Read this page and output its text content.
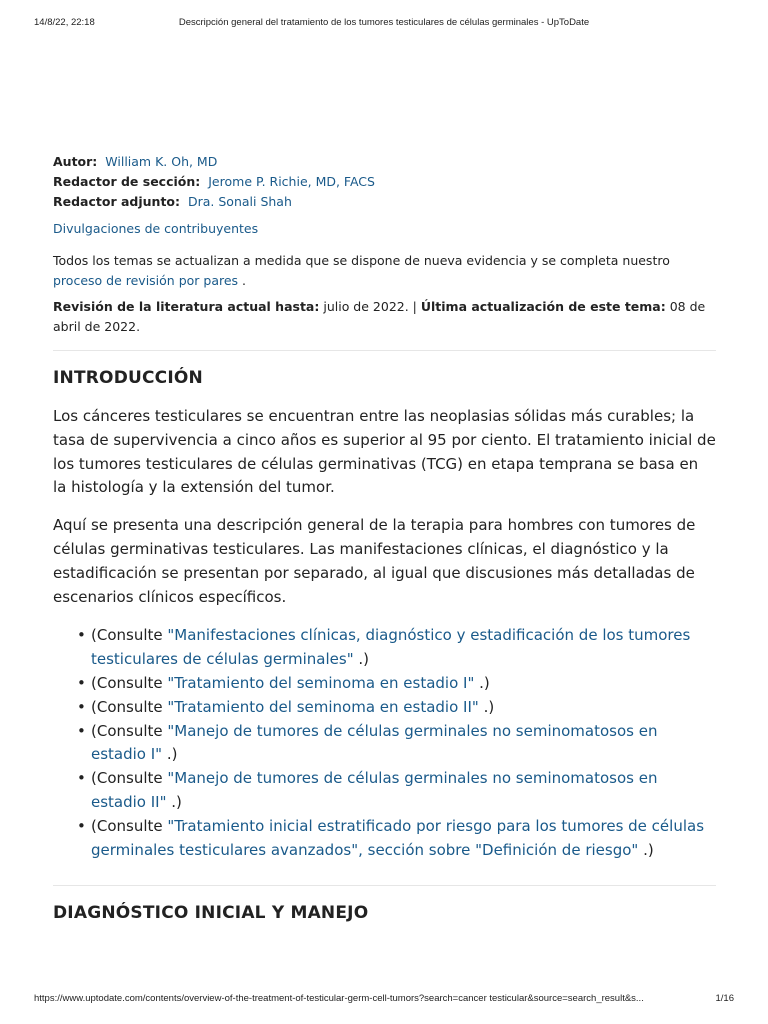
14/8/22, 22:18	Descripción general del tratamiento de los tumores testiculares de células germinales - UpToDate

Autor: William K. Oh, MD

Redactor de sección: Jerome P. Richie, MD, FACS

Redactor adjunto: Dra. Sonali Shah

Divulgaciones de contribuyentes
Todos los temas se actualizan a medida que se dispone de nueva evidencia y se completa nuestro proceso de revisión por pares .
Revisión de la literatura actual hasta: julio de 2022. | Última actualización de este tema: 08 de abril de 2022.
INTRODUCCIÓN

Los cánceres testiculares se encuentran entre las neoplasias sólidas más curables; la tasa de supervivencia a cinco años es superior al 95 por ciento. El tratamiento inicial de los tumores testiculares de células germinativas (TCG) en etapa temprana se basa en la histología y la extensión del tumor.

Aquí se presenta una descripción general de la terapia para hombres con tumores de células germinativas testiculares. Las manifestaciones clínicas, el diagnóstico y la estadificación se presentan por separado, al igual que discusiones más detalladas de escenarios clínicos específicos.

• (Consulte "Manifestaciones clínicas, diagnóstico y estadificación de los tumores testiculares de células germinales" .)
• (Consulte "Tratamiento del seminoma en estadio I" .)
• (Consulte "Tratamiento del seminoma en estadio II" .)
• (Consulte "Manejo de tumores de células germinales no seminomatosos en estadio I" .)
• (Consulte "Manejo de tumores de células germinales no seminomatosos en estadio II" .)
• (Consulte "Tratamiento inicial estratificado por riesgo para los tumores de células germinales testiculares avanzados", sección sobre "Definición de riesgo" .)
DIAGNÓSTICO INICIAL Y MANEJO
https://www.uptodate.com/contents/overview-of-the-treatment-of-testicular-germ-cell-tumors?search=cancer testicular&source=search_result&s...	1/16
